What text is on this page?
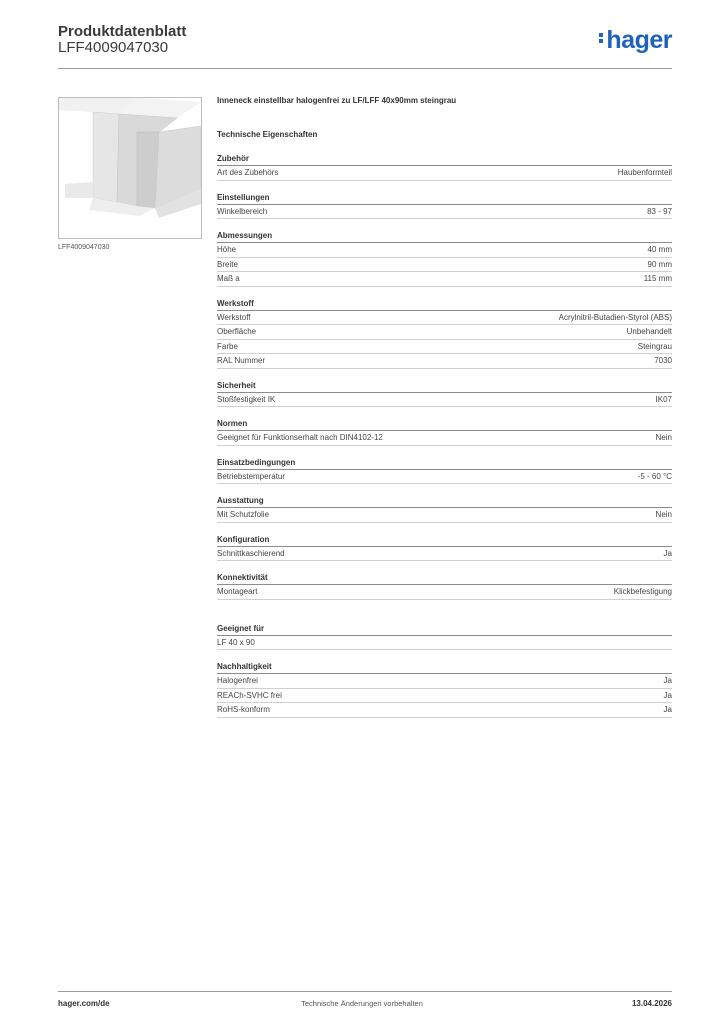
Produktdatenblatt
LFF4009047030	hager
LFF4009047030
Inneneck einstellbar halogenfrei zu LF/LFF 40x90mm steingrau
Technische Eigenschaften
Zubehör
Art des Zubehörs	Haubenformteil
Einstellungen
Winkelbereich	83 - 97
Abmessungen
Höhe	40 mm
Breite	90 mm
Maß a	115 mm
Werkstoff
Werkstoff	Acrylnitril-Butadien-Styrol (ABS)
Oberfläche	Unbehandelt
Farbe	Steingrau
RAL Nummer	7030
Sicherheit
Stoßfestigkeit IK	IK07
Normen
Geeignet für Funktionserhalt nach DIN4102-12	Nein
Einsatzbedingungen
Betriebstemperatur	-5 - 60 °C
Ausstattung
Mit Schutzfolie	Nein
Konfiguration
Schnittkaschierend	Ja
Konnektivität
Montageart	Klickbefestigung
Geeignet für
LF 40 x 90
Nachhaltigkeit
Halogenfrei	Ja
REACh-SVHC frei	Ja
RoHS-konform	Ja
Technische Änderungen vorbehalten
hager.com/de	13.04.2026
